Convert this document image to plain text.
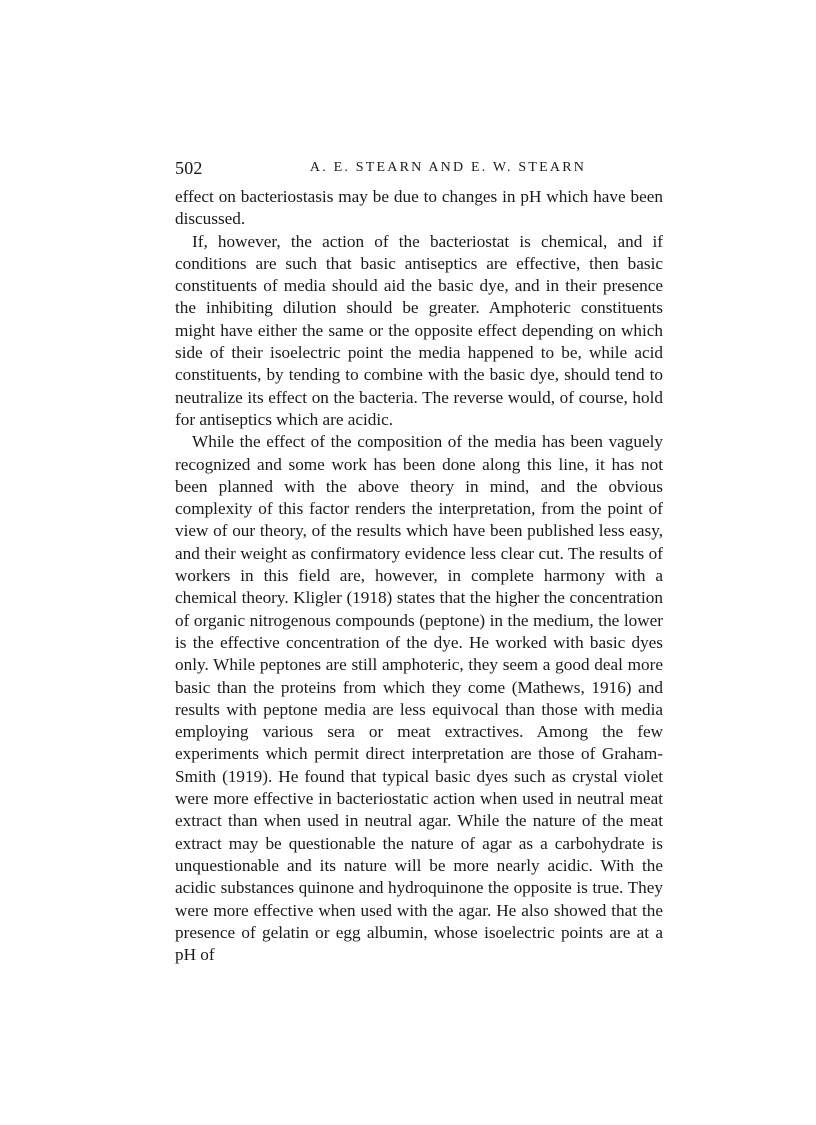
502	A. E. STEARN AND E. W. STEARN

effect on bacteriostasis may be due to changes in pH which have been discussed.

If, however, the action of the bacteriostat is chemical, and if conditions are such that basic antiseptics are effective, then basic constituents of media should aid the basic dye, and in their presence the inhibiting dilution should be greater. Amphoteric constituents might have either the same or the opposite effect depending on which side of their isoelectric point the media happened to be, while acid constituents, by tending to combine with the basic dye, should tend to neutralize its effect on the bacteria. The reverse would, of course, hold for antiseptics which are acidic.

While the effect of the composition of the media has been vaguely recognized and some work has been done along this line, it has not been planned with the above theory in mind, and the obvious complexity of this factor renders the interpretation, from the point of view of our theory, of the results which have been published less easy, and their weight as confirmatory evidence less clear cut. The results of workers in this field are, however, in complete harmony with a chemical theory. Kligler (1918) states that the higher the concentration of organic nitrogenous compounds (peptone) in the medium, the lower is the effective concentration of the dye. He worked with basic dyes only. While peptones are still amphoteric, they seem a good deal more basic than the proteins from which they come (Mathews, 1916) and results with peptone media are less equivocal than those with media employing various sera or meat extractives. Among the few experiments which permit direct interpretation are those of Graham-Smith (1919). He found that typical basic dyes such as crystal violet were more effective in bacteriostatic action when used in neutral meat extract than when used in neutral agar. While the nature of the meat extract may be questionable the nature of agar as a carbohydrate is unquestionable and its nature will be more nearly acidic. With the acidic substances quinone and hydroquinone the opposite is true. They were more effective when used with the agar. He also showed that the presence of gelatin or egg albumin, whose isoelectric points are at a pH of
